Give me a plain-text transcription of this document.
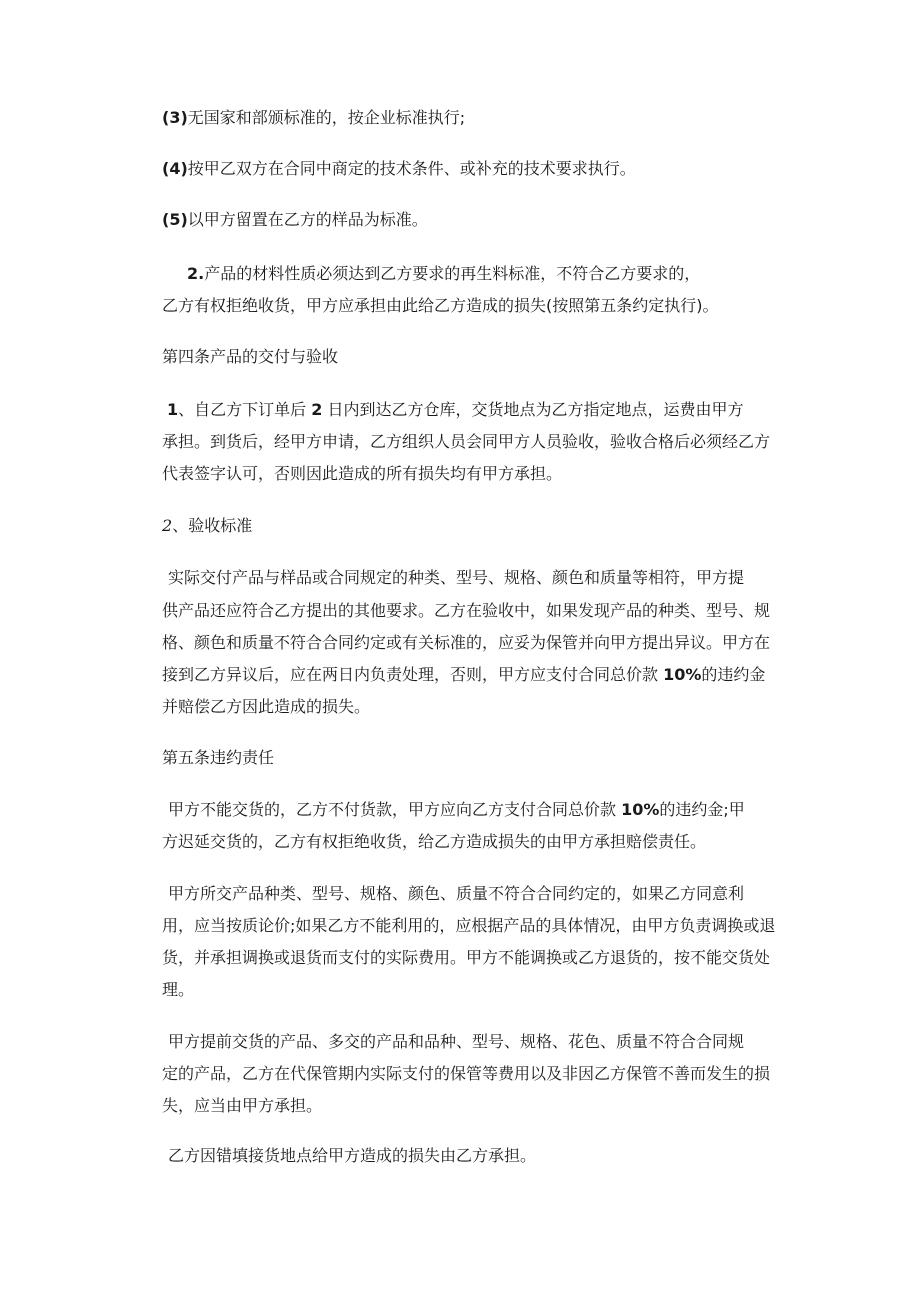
(3)无国家和部颁标准的，按企业标准执行;
(4)按甲乙双方在合同中商定的技术条件、或补充的技术要求执行。
(5)以甲方留置在乙方的样品为标准。
2.产品的材料性质必须达到乙方要求的再生料标准，不符合乙方要求的，
乙方有权拒绝收货，甲方应承担由此给乙方造成的损失(按照第五条约定执行)。
第四条产品的交付与验收
1、自乙方下订单后 2 日内到达乙方仓库，交货地点为乙方指定地点，运费由甲方
承担。到货后，经甲方申请，乙方组织人员会同甲方人员验收，验收合格后必须经乙方
代表签字认可，否则因此造成的所有损失均有甲方承担。
2、验收标准
实际交付产品与样品或合同规定的种类、型号、规格、颜色和质量等相符，甲方提
供产品还应符合乙方提出的其他要求。乙方在验收中，如果发现产品的种类、型号、规
格、颜色和质量不符合合同约定或有关标准的，应妥为保管并向甲方提出异议。甲方在
接到乙方异议后，应在两日内负责处理，否则，甲方应支付合同总价款 10%的违约金
并赔偿乙方因此造成的损失。
第五条违约责任
甲方不能交货的，乙方不付货款，甲方应向乙方支付合同总价款 10%的违约金;甲
方迟延交货的，乙方有权拒绝收货，给乙方造成损失的由甲方承担赔偿责任。
甲方所交产品种类、型号、规格、颜色、质量不符合合同约定的，如果乙方同意利
用，应当按质论价;如果乙方不能利用的，应根据产品的具体情况，由甲方负责调换或退
货，并承担调换或退货而支付的实际费用。甲方不能调换或乙方退货的，按不能交货处
理。
甲方提前交货的产品、多交的产品和品种、型号、规格、花色、质量不符合合同规
定的产品，乙方在代保管期内实际支付的保管等费用以及非因乙方保管不善而发生的损
失，应当由甲方承担。
乙方因错填接货地点给甲方造成的损失由乙方承担。
